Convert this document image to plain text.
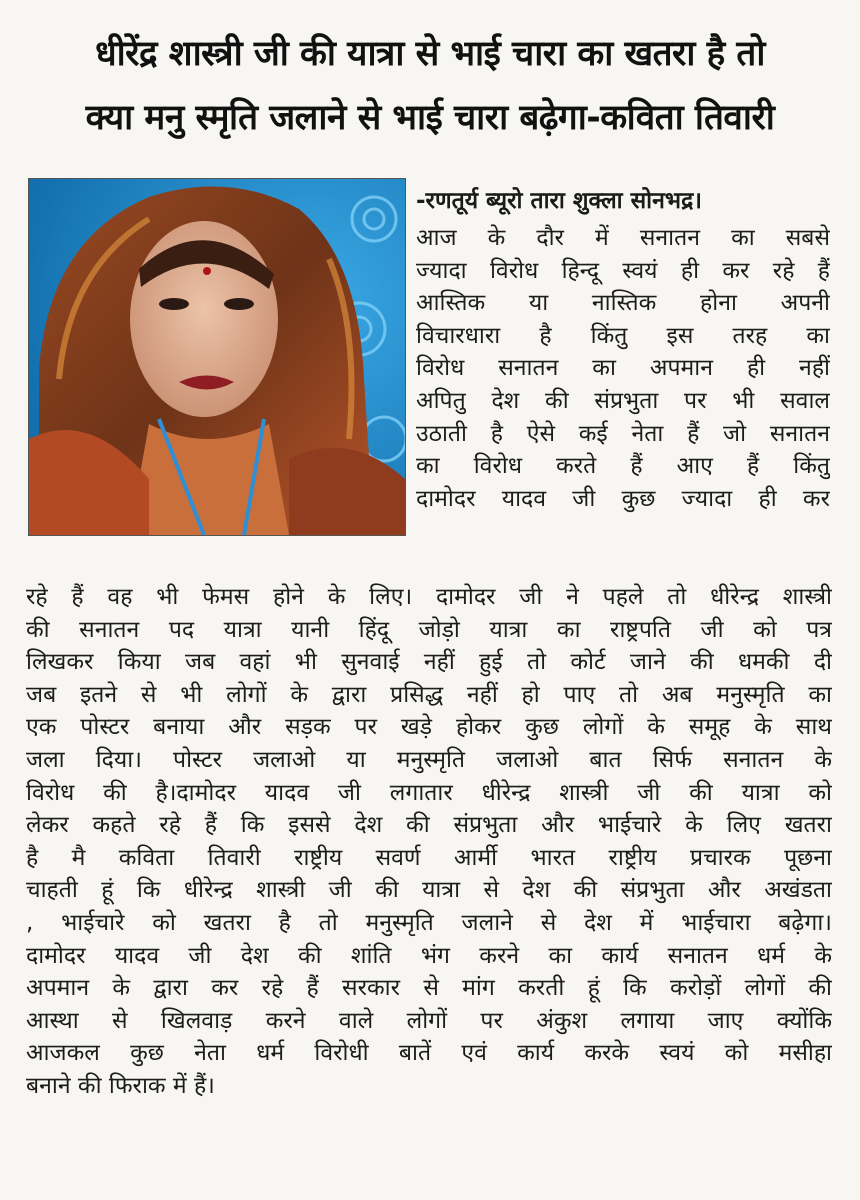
धीरेंद्र शास्त्री जी की यात्रा से भाई चारा का खतरा है तो
क्या मनु स्मृति जलाने से भाई चारा बढ़ेगा-कविता तिवारी
-रणतूर्य ब्यूरो तारा शुक्ला सोनभद्र।
आज के दौर में सनातन का सबसे
ज्यादा विरोध हिन्दू स्वयं ही कर रहे हैं
आस्तिक या नास्तिक होना अपनी
विचारधारा है किंतु इस तरह का
विरोध सनातन का अपमान ही नहीं
अपितु देश की संप्रभुता पर भी सवाल
उठाती है ऐसे कई नेता हैं जो सनातन
का विरोध करते हैं आए हैं किंतु
दामोदर यादव जी कुछ ज्यादा ही कर
रहे हैं वह भी फेमस होने के लिए। दामोदर जी ने पहले तो धीरेन्द्र शास्त्री
की सनातन पद यात्रा यानी हिंदू जोड़ो यात्रा का राष्ट्रपति जी को पत्र
लिखकर किया जब वहां भी सुनवाई नहीं हुई तो कोर्ट जाने की धमकी दी
जब इतने से भी लोगों के द्वारा प्रसिद्ध नहीं हो पाए तो अब मनुस्मृति का
एक पोस्टर बनाया और सड़क पर खड़े होकर कुछ लोगों के समूह के साथ
जला दिया। पोस्टर जलाओ या मनुस्मृति जलाओ बात सिर्फ सनातन के
विरोध की है।दामोदर यादव जी लगातार धीरेन्द्र शास्त्री जी की यात्रा को
लेकर कहते रहे हैं कि इससे देश की संप्रभुता और भाईचारे के लिए खतरा
है मै कविता तिवारी राष्ट्रीय सवर्ण आर्मी भारत राष्ट्रीय प्रचारक पूछना
चाहती हूं कि धीरेन्द्र शास्त्री जी की यात्रा से देश की संप्रभुता और अखंडता
, भाईचारे को खतरा है तो मनुस्मृति जलाने से देश में भाईचारा बढ़ेगा।
दामोदर यादव जी देश की शांति भंग करने का कार्य सनातन धर्म के
अपमान के द्वारा कर रहे हैं सरकार से मांग करती हूं कि करोड़ों लोगों की
आस्था से खिलवाड़ करने वाले लोगों पर अंकुश लगाया जाए क्योंकि
आजकल कुछ नेता धर्म विरोधी बातें एवं कार्य करके स्वयं को मसीहा
बनाने की फिराक में हैं।
